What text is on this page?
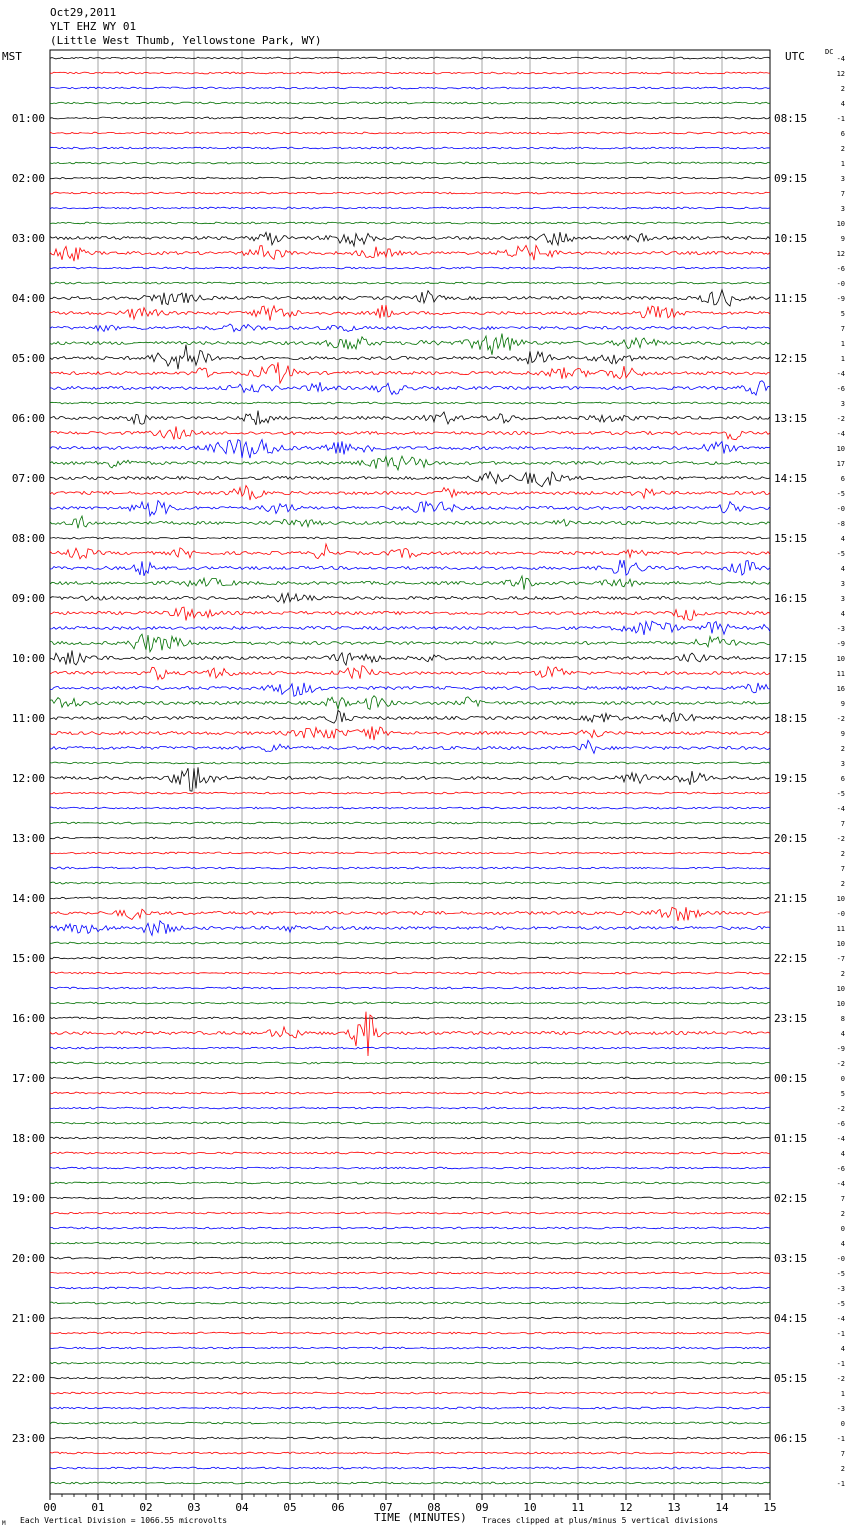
Oct29,2011
YLT EHZ WY 01
(Little West Thumb, Yellowstone Park, WY)
MST	UTC	DC
01:00
02:00
03:00
04:00
05:00
06:00
07:00
08:00
09:00
10:00
11:00
12:00
13:00
14:00
15:00
16:00
17:00
18:00
19:00
20:00
21:00
22:00
23:00
08:15
09:15
10:15
11:15
12:15
13:15
14:15
15:15
16:15
17:15
18:15
19:15
20:15
21:15
22:15
23:15
00:15
01:15
02:15
03:15
04:15
05:15
06:15
-4
12
2
4
-1
6
2
1
3
7
3
10
9
12
-6
-0
-9
5
7
1
1
-4
-6
3
-2
-4
10
17
6
-5
-0
-8
4
-5
4
3
3
4
-3
-9
10
11
16
9
-2
9
2
3
6
-5
-4
7
-2
2
7
2
10
-0
11
10
-7
2
10
10
8
4
-9
-2
0
5
-2
-6
-4
4
-6
-4
7
2
0
4
-0
-5
-3
-5
-4
-1
4
-1
-2
1
-3
0
-1
7
2
-1
00	01	02	03	04	05	06	07	08	09	10	11	12	13	14	15
TIME (MINUTES)
Each Vertical Division = 1066.55 microvolts	Traces clipped at plus/minus 5 vertical divisions
M
